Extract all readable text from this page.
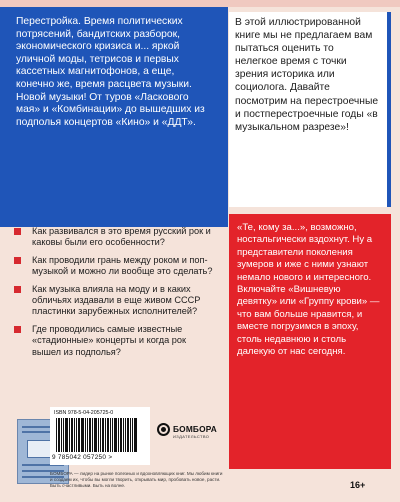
Перестройка. Время политических потрясений, бандитских разборок, экономического кризиса и... яркой уличной моды, тетрисов и первых кассетных магнитофонов, а еще, конечно же, время расцвета музыки. Новой музыки! От туров «Ласкового мая» и «Комбинации» до вышедших из подполья концертов «Кино» и «ДДТ».

В этой иллюстрированной книге мы не предлагаем вам пытаться оценить то нелегкое время с точки зрения историка или социолога. Давайте посмотрим на перестроечные и постперестроечные годы «в музыкальном разрезе»!

Как развивался в это время русский рок и каковы были его особенности?
Как проводили грань между роком и поп-музыкой и можно ли вообще это сделать?
Как музыка влияла на моду и в каких обличьях издавали в еще живом СССР пластинки зарубежных исполнителей?
Где проводились самые известные «стадионные» концерты и когда рок вышел из подполья?

«Те, кому за...», возможно, ностальгически вздохнут. Ну а представители поколения зумеров и иже с ними узнают немало нового и интересного. Включайте «Вишневую девятку» или «Группу крови» — что вам больше нравится, и вместе погрузимся в эпоху, столь недавнюю и столь далекую от нас сегодня.

ISBN 978-5-04-205725-0
9 785042 057250 >
БОМБОРА
ИЗДАТЕЛЬСТВО
БОМБОРА — лидер на рынке полезных и вдохновляющих книг. Мы любим книги и создаем их, чтобы вы могли творить, открывать мир, пробовать новое, расти. Быть счастливыми. Быть на волне.	16+
